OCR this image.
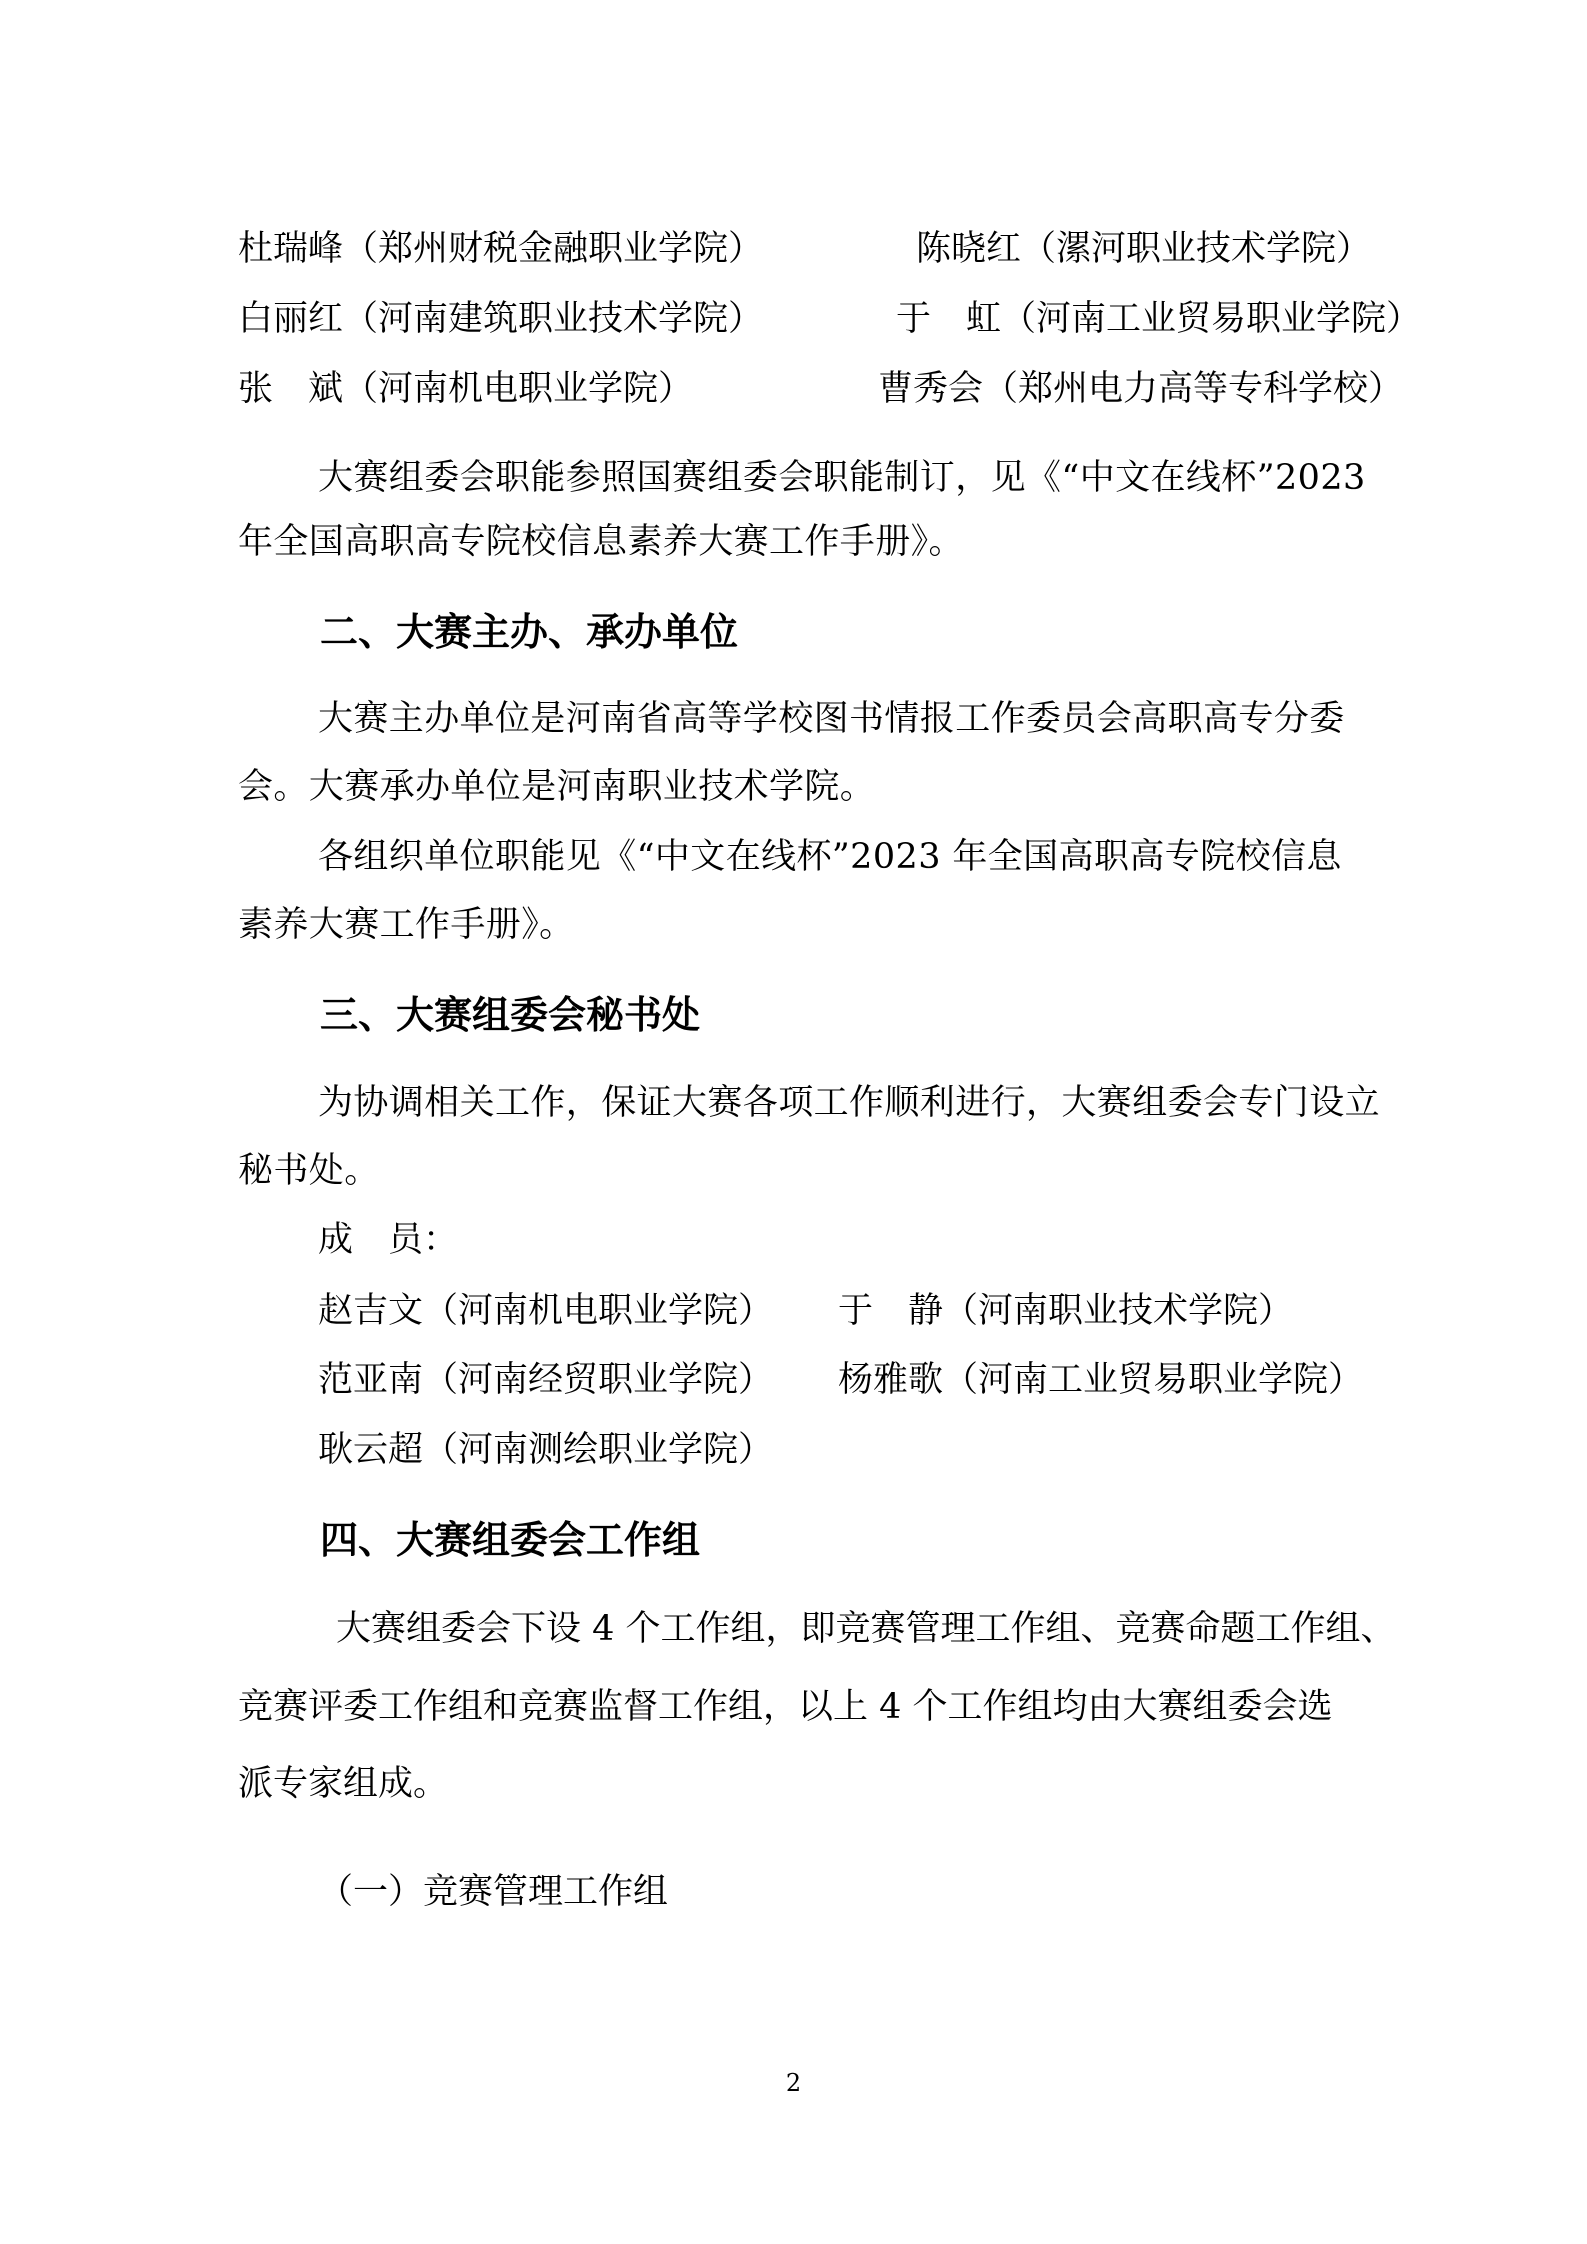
杜瑞峰（郑州财税金融职业学院）	陈晓红（漯河职业技术学院）
白丽红（河南建筑职业技术学院）	于　虹（河南工业贸易职业学院）
张　斌（河南机电职业学院）	曹秀会（郑州电力高等专科学校）
大赛组委会职能参照国赛组委会职能制订，见《“中文在线杯”2023
年全国高职高专院校信息素养大赛工作手册》。
二、大赛主办、承办单位
大赛主办单位是河南省高等学校图书情报工作委员会高职高专分委
会。大赛承办单位是河南职业技术学院。
各组织单位职能见《“中文在线杯”2023 年全国高职高专院校信息
素养大赛工作手册》。
三、大赛组委会秘书处
为协调相关工作，保证大赛各项工作顺利进行，大赛组委会专门设立
秘书处。
成　员：
赵吉文（河南机电职业学院） 于　静（河南职业技术学院）
范亚南（河南经贸职业学院） 杨雅歌（河南工业贸易职业学院）
耿云超（河南测绘职业学院）
四、大赛组委会工作组
大赛组委会下设 4 个工作组，即竞赛管理工作组、竞赛命题工作组、
竞赛评委工作组和竞赛监督工作组，以上 4 个工作组均由大赛组委会选
派专家组成。
（一）竞赛管理工作组
2
